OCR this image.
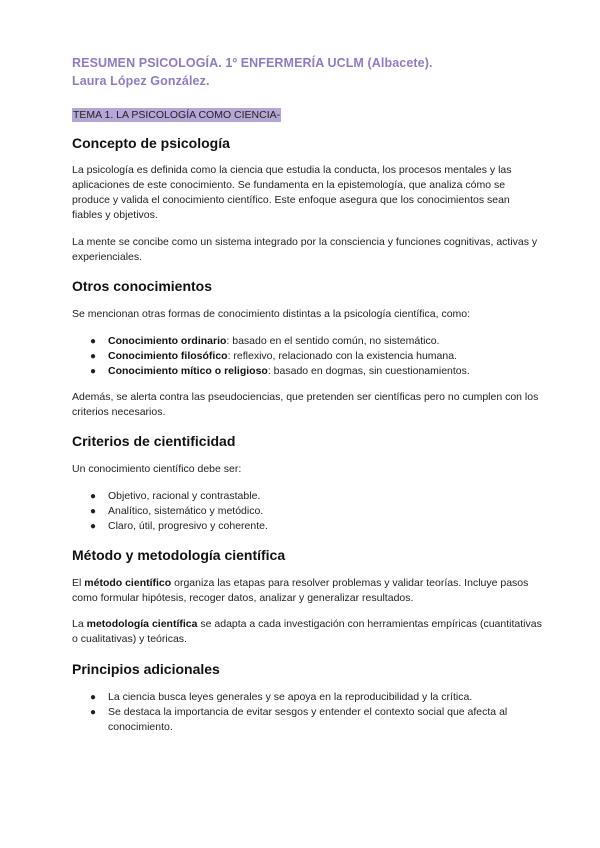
RESUMEN PSICOLOGÍA. 1º ENFERMERÍA UCLM (Albacete).
Laura López González.
TEMA 1. LA PSICOLOGÍA COMO CIENCIA-
Concepto de psicología

La psicología es definida como la ciencia que estudia la conducta, los procesos mentales y las aplicaciones de este conocimiento. Se fundamenta en la epistemología, que analiza cómo se produce y valida el conocimiento científico. Este enfoque asegura que los conocimientos sean fiables y objetivos.

La mente se concibe como un sistema integrado por la consciencia y funciones cognitivas, activas y experienciales.

Otros conocimientos

Se mencionan otras formas de conocimiento distintas a la psicología científica, como:

● Conocimiento ordinario: basado en el sentido común, no sistemático.
● Conocimiento filosófico: reflexivo, relacionado con la existencia humana.
● Conocimiento mítico o religioso: basado en dogmas, sin cuestionamientos.

Además, se alerta contra las pseudociencias, que pretenden ser científicas pero no cumplen con los criterios necesarios.

Criterios de cientificidad

Un conocimiento científico debe ser:

● Objetivo, racional y contrastable.
● Analítico, sistemático y metódico.
● Claro, útil, progresivo y coherente.
Método y metodología científica

El método científico organiza las etapas para resolver problemas y validar teorías. Incluye pasos como formular hipótesis, recoger datos, analizar y generalizar resultados.

La metodología científica se adapta a cada investigación con herramientas empíricas (cuantitativas o cualitativas) y teóricas.

Principios adicionales
● La ciencia busca leyes generales y se apoya en la reproducibilidad y la crítica.
● Se destaca la importancia de evitar sesgos y entender el contexto social que afecta al conocimiento.
